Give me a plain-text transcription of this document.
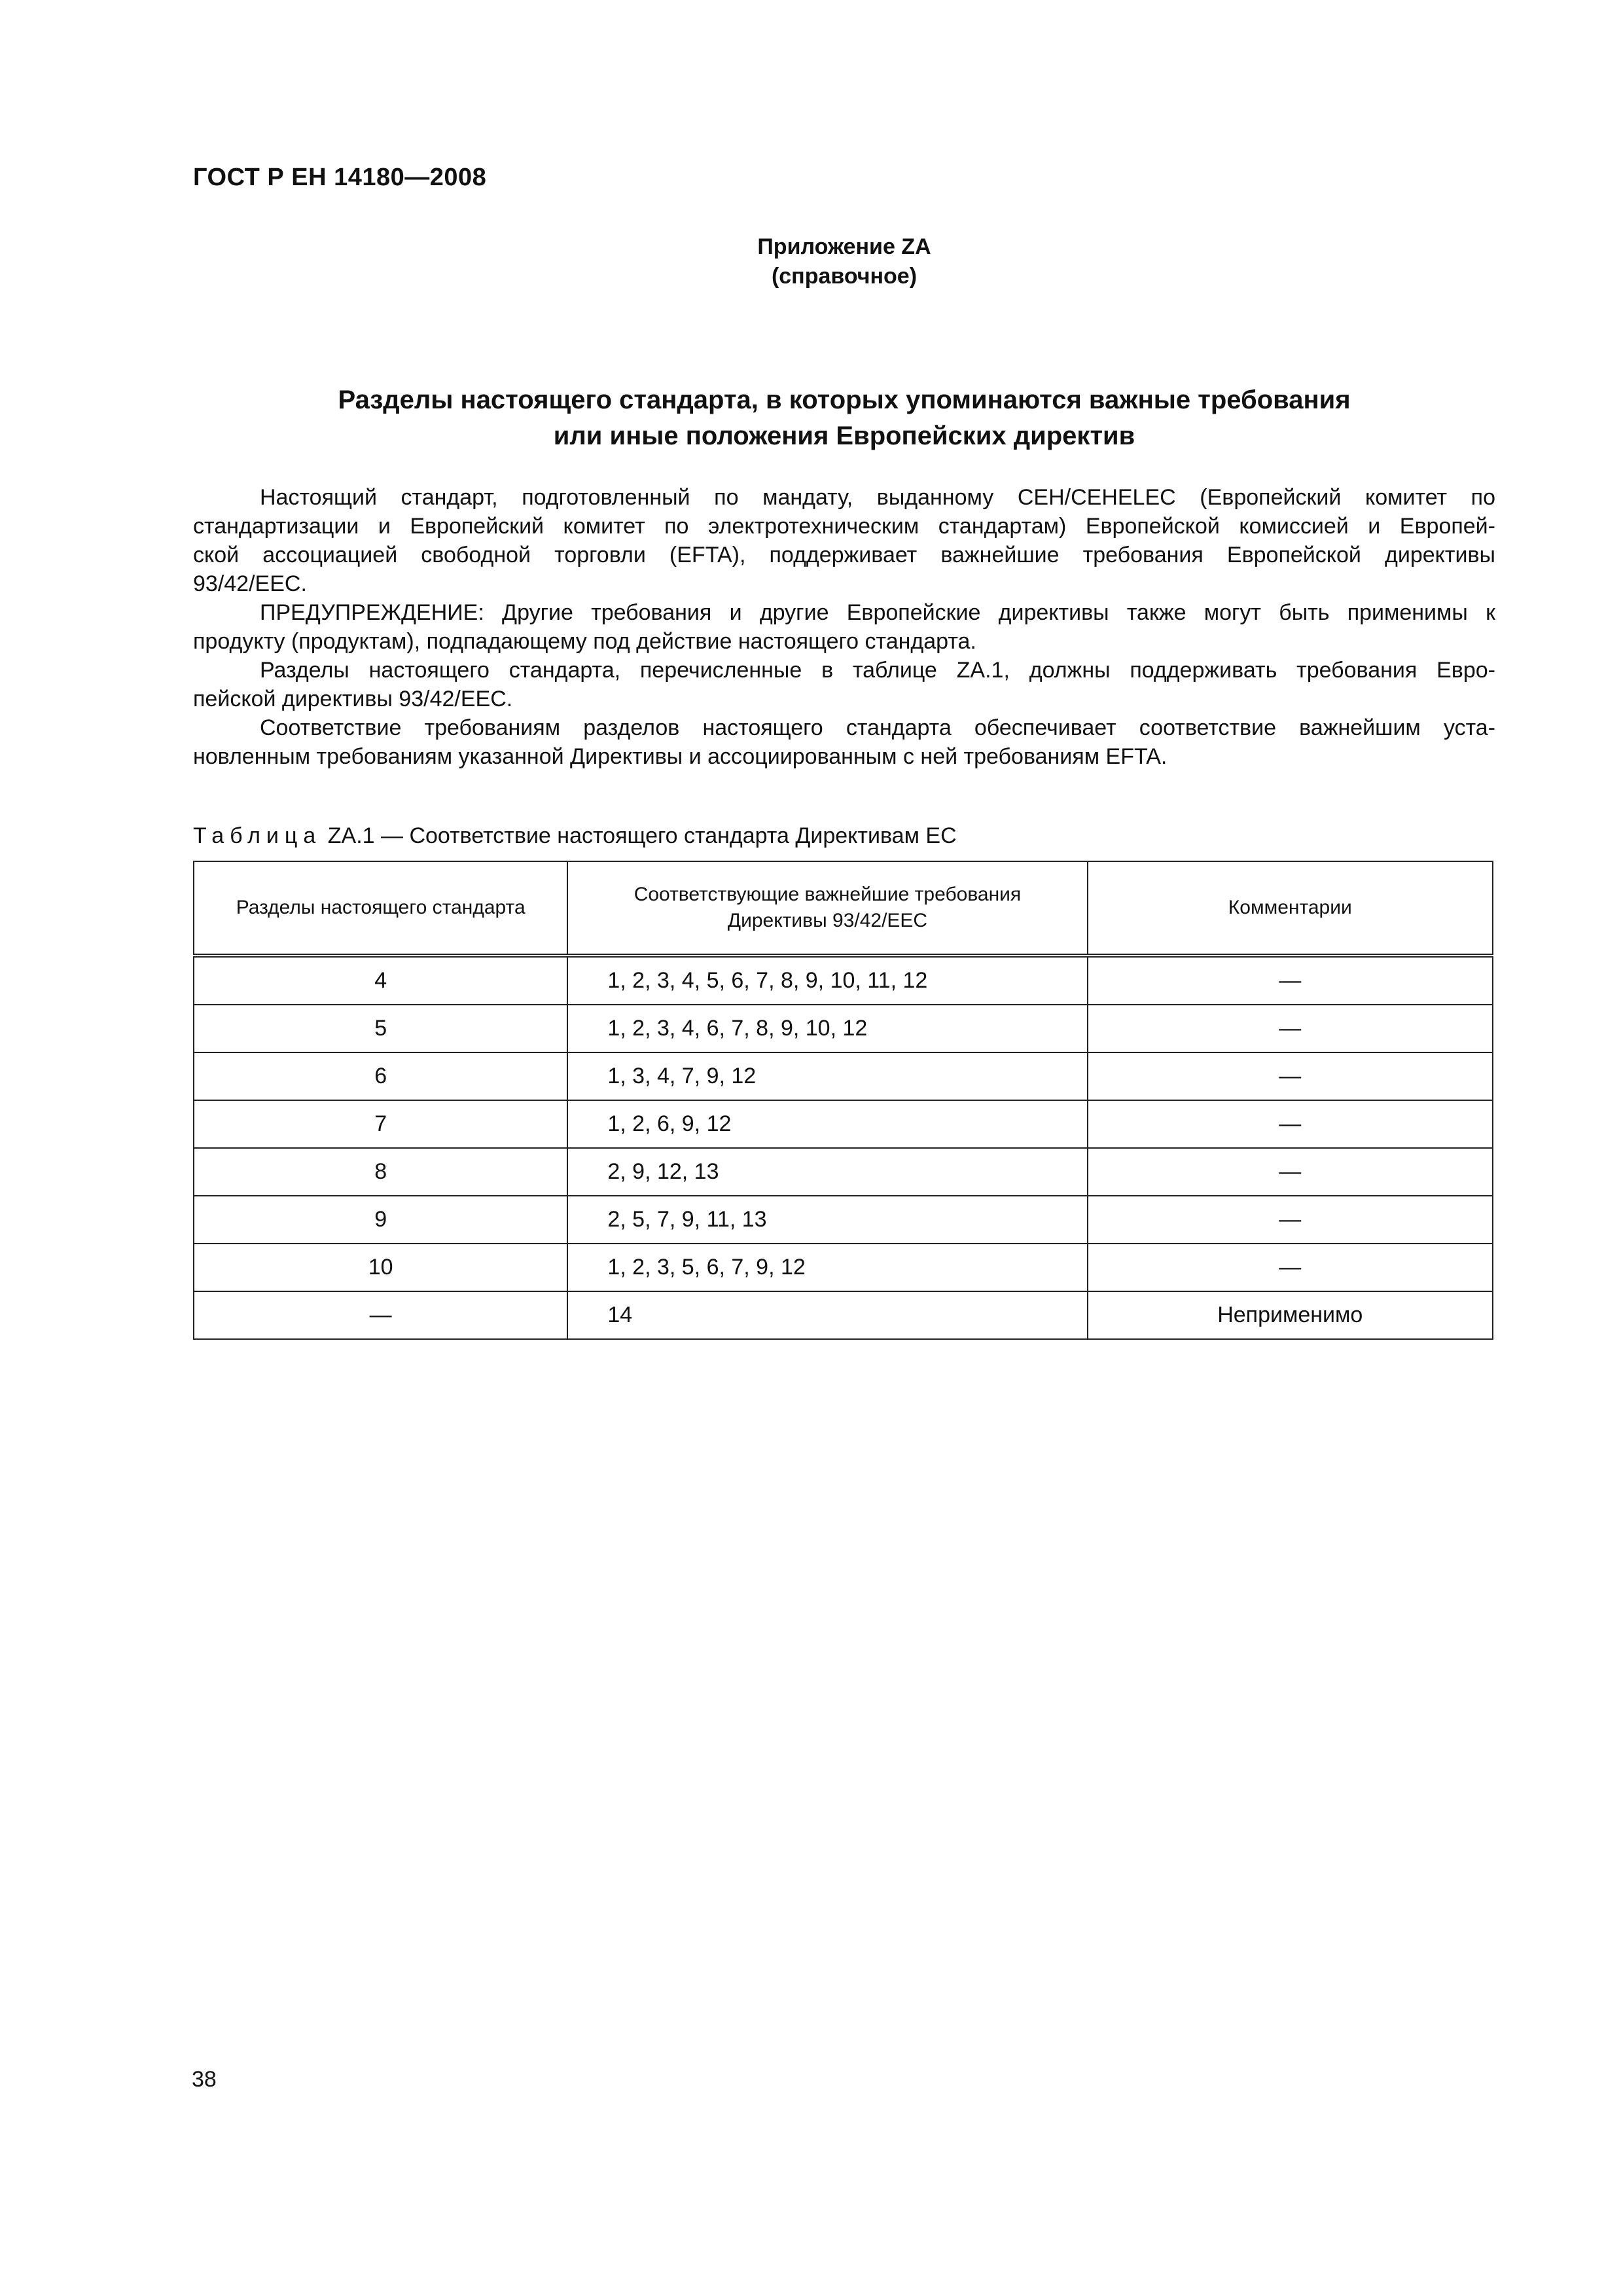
ГОСТ Р ЕН 14180—2008
Приложение ZA
(справочное)
Разделы настоящего стандарта, в которых упоминаются важные требования
или иные положения Европейских директив
Настоящий стандарт, подготовленный по мандату, выданному CEH/CEHELEC (Европейский комитет по
стандартизации и Европейский комитет по электротехническим стандартам) Европейской комиссией и Европей-
ской ассоциацией свободной торговли (EFTA), поддерживает важнейшие требования Европейской директивы
93/42/EEC.
ПРЕДУПРЕЖДЕНИЕ: Другие требования и другие Европейские директивы также могут быть применимы к
продукту (продуктам), подпадающему под действие настоящего стандарта.
Разделы настоящего стандарта, перечисленные в таблице ZA.1, должны поддерживать требования Евро-
пейской директивы 93/42/EEC.
Соответствие требованиям разделов настоящего стандарта обеспечивает соответствие важнейшим уста-
новленным требованиям указанной Директивы и ассоциированным с ней требованиям EFTA.
Таблица ZA.1 — Соответствие настоящего стандарта Директивам ЕС
Разделы настоящего стандарта	Соответствующие важнейшие требования Директивы 93/42/EEC	Комментарии
4	1, 2, 3, 4, 5, 6, 7, 8, 9, 10, 11, 12	—
5	1, 2, 3, 4, 6, 7, 8, 9, 10, 12	—
6	1, 3, 4, 7, 9, 12	—
7	1, 2, 6, 9, 12	—
8	2, 9, 12, 13	—
9	2, 5, 7, 9, 11, 13	—
10	1, 2, 3, 5, 6, 7, 9, 12	—
—	14	Неприменимо
38
